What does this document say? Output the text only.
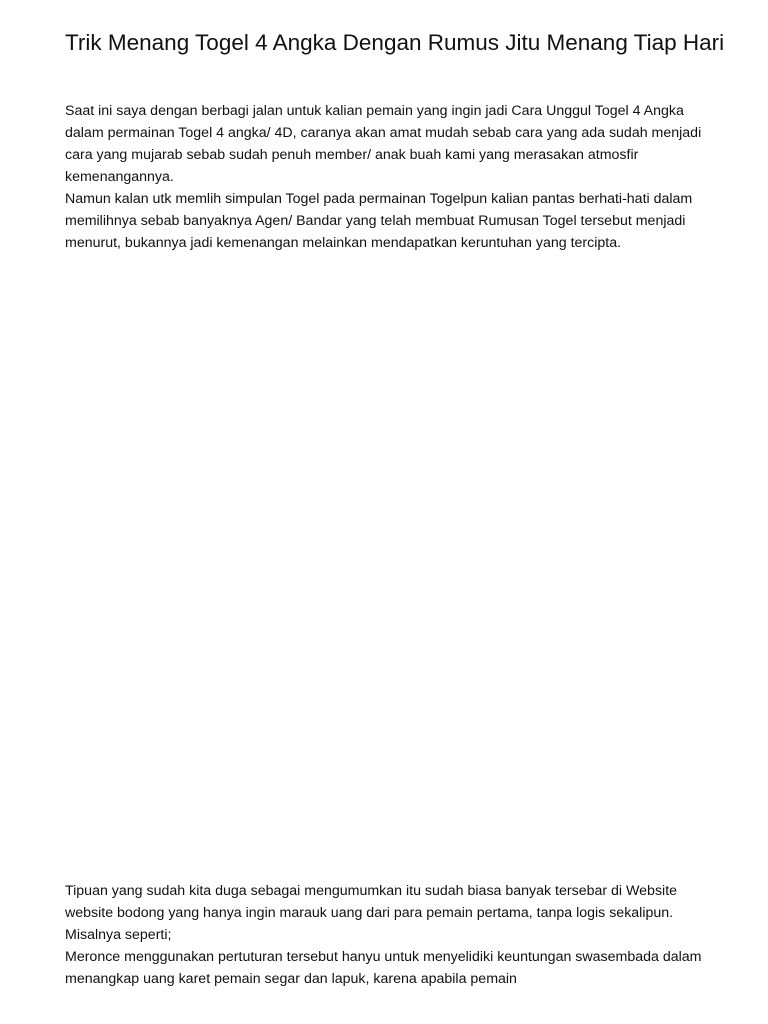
Trik Menang Togel 4 Angka Dengan Rumus Jitu Menang Tiap Hari

Saat ini saya dengan berbagi jalan untuk kalian pemain yang ingin jadi Cara Unggul Togel 4 Angka dalam permainan Togel 4 angka/ 4D, caranya akan amat mudah sebab cara yang ada sudah menjadi cara yang mujarab sebab sudah penuh member/ anak buah kami yang merasakan atmosfir kemenangannya.

Namun kalan utk memlih simpulan Togel pada permainan Togelpun kalian pantas berhati-hati dalam memilihnya sebab banyaknya Agen/ Bandar yang telah membuat Rumusan Togel tersebut menjadi menurut, bukannya jadi kemenangan melainkan mendapatkan keruntuhan yang tercipta.

Tipuan yang sudah kita duga sebagai mengumumkan itu sudah biasa banyak tersebar di Website website bodong yang hanya ingin marauk uang dari para pemain pertama, tanpa logis sekalipun. Misalnya seperti;

Meronce menggunakan pertuturan tersebut hanyu untuk menyelidiki keuntungan swasembada dalam menangkap uang karet pemain segar dan lapuk, karena apabila pemain
